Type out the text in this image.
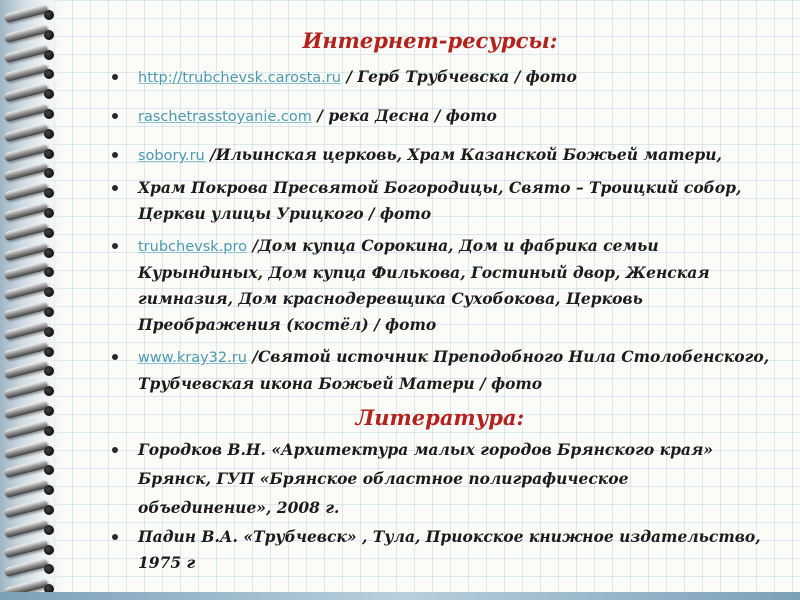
Интернет-ресурсы:
http://trubchevsk.carosta.ru / Герб Трубчевска / фото
raschetrasstoyanie.com / река Десна / фото
sobory.ru /Ильинская церковь, Храм Казанской Божьей матери,
Храм Покрова Пресвятой Богородицы, Свято – Троицкий собор, Церкви улицы Урицкого / фото
trubchevsk.pro /Дом купца Сорокина, Дом и фабрика семьи Курындиных, Дом купца Филькова, Гостиный двор, Женская гимназия, Дом краснодеревщика Сухобокова, Церковь Преображения (костёл) / фото
www.kray32.ru /Святой источник Преподобного Нила Столобенского, Трубчевская икона Божьей Матери / фото
Литература:
Городков В.Н. «Архитектура малых городов Брянского края»
Брянск, ГУП «Брянское областное полиграфическое
объединение», 2008 г.
Падин В.А. «Трубчевск» , Тула, Приокское книжное издательство, 1975 г
